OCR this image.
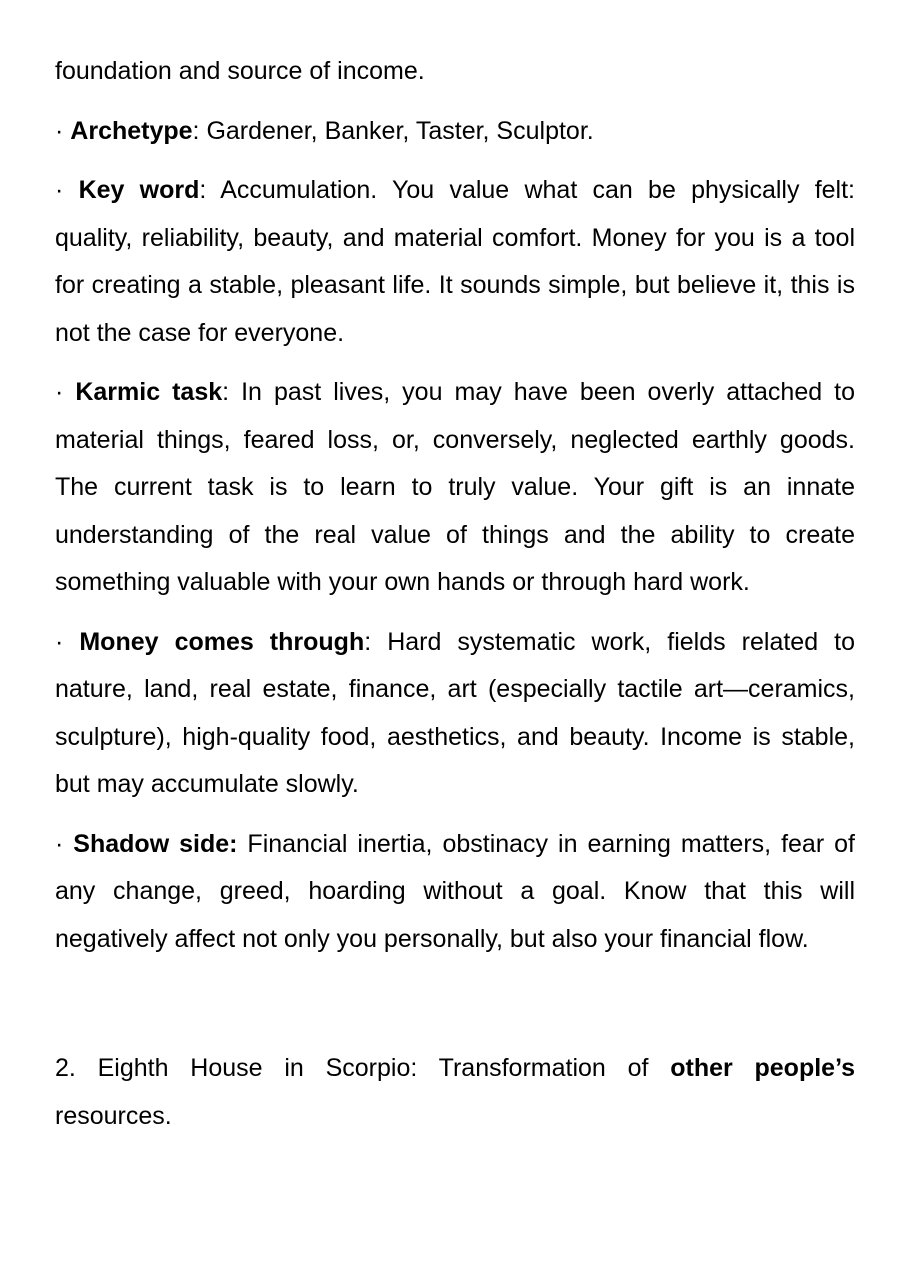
foundation and source of income.

· Archetype: Gardener, Banker, Taster, Sculptor.

· Key word: Accumulation. You value what can be physically felt: quality, reliability, beauty, and material comfort. Money for you is a tool for creating a stable, pleasant life. It sounds simple, but believe it, this is not the case for everyone.

· Karmic task: In past lives, you may have been overly attached to material things, feared loss, or, conversely, neglected earthly goods. The current task is to learn to truly value. Your gift is an innate understanding of the real value of things and the ability to create something valuable with your own hands or through hard work.

· Money comes through: Hard systematic work, fields related to nature, land, real estate, finance, art (especially tactile art—ceramics, sculpture), high-quality food, aesthetics, and beauty. Income is stable, but may accumulate slowly.

· Shadow side: Financial inertia, obstinacy in earning matters, fear of any change, greed, hoarding without a goal. Know that this will negatively affect not only you personally, but also your financial flow.

2. Eighth House in Scorpio: Transformation of other people’s resources.
